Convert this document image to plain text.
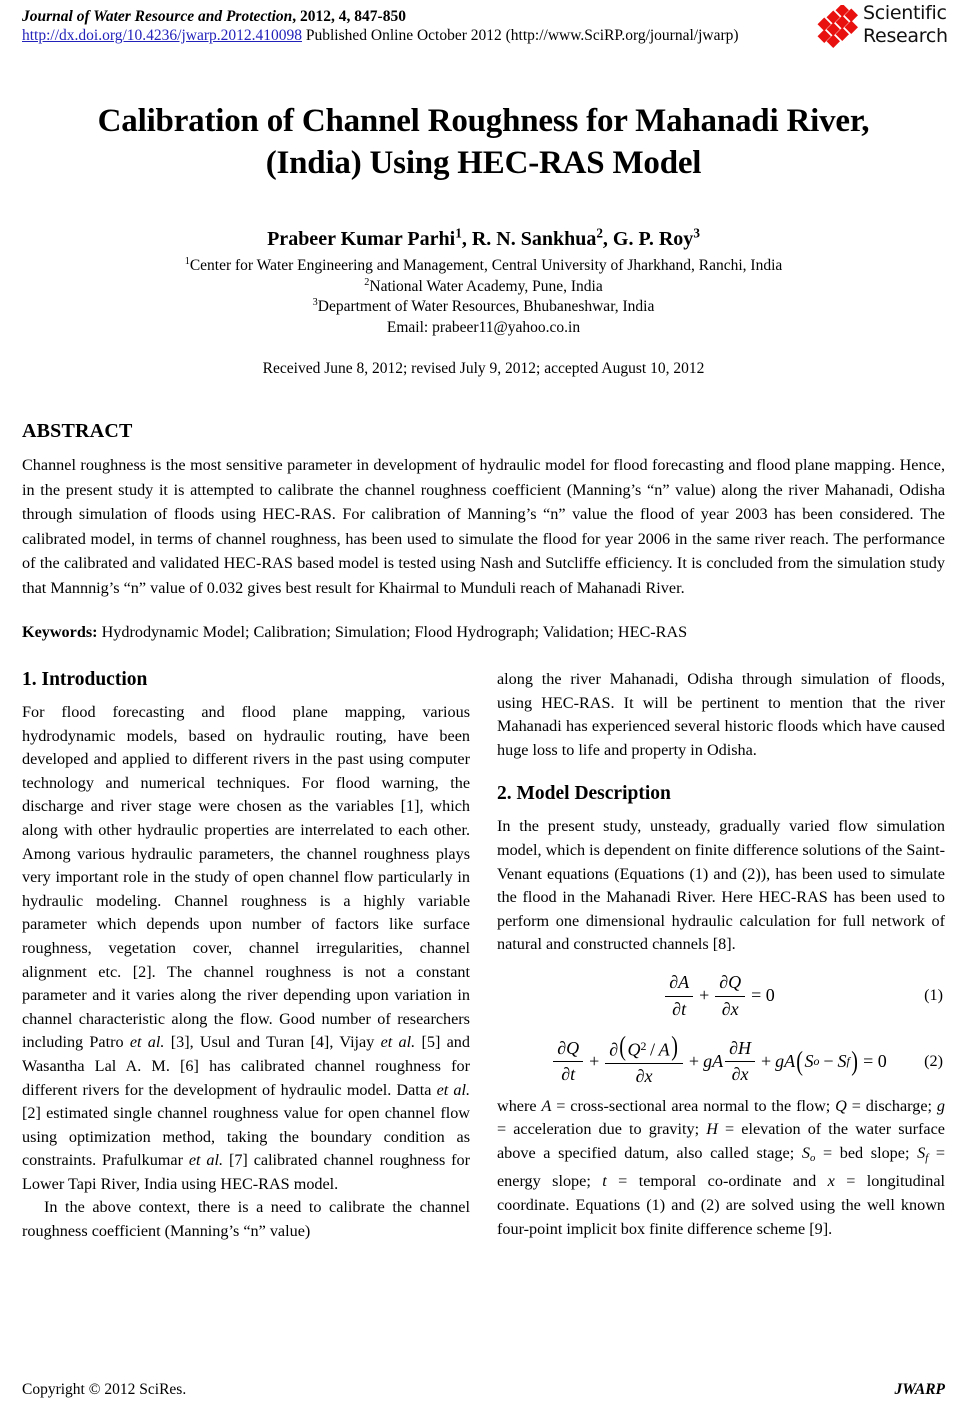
Journal of Water Resource and Protection, 2012, 4, 847-850
http://dx.doi.org/10.4236/jwarp.2012.410098 Published Online October 2012 (http://www.SciRP.org/journal/jwarp)
Scientific
Research
Calibration of Channel Roughness for Mahanadi River, (India) Using HEC-RAS Model
Prabeer Kumar Parhi$^1$, R. N. Sankhua$^2$, G. P. Roy$^3$
$^1$Center for Water Engineering and Management, Central University of Jharkhand, Ranchi, India
$^2$National Water Academy, Pune, India
$^3$Department of Water Resources, Bhubaneshwar, India
Email: prabeer11@yahoo.co.in
Received June 8, 2012; revised July 9, 2012; accepted August 10, 2012
ABSTRACT
Channel roughness is the most sensitive parameter in development of hydraulic model for flood forecasting and flood plane mapping. Hence, in the present study it is attempted to calibrate the channel roughness coefficient (Manning’s “n” value) along the river Mahanadi, Odisha through simulation of floods using HEC-RAS. For calibration of Manning’s “n” value the flood of year 2003 has been considered. The calibrated model, in terms of channel roughness, has been used to simulate the flood for year 2006 in the same river reach. The performance of the calibrated and validated HEC-RAS based model is tested using Nash and Sutcliffe efficiency. It is concluded from the simulation study that Mannnig’s “n” value of 0.032 gives best result for Khairmal to Munduli reach of Mahanadi River.
Keywords: Hydrodynamic Model; Calibration; Simulation; Flood Hydrograph; Validation; HEC-RAS
1. Introduction

For flood forecasting and flood plane mapping, various hydrodynamic models, based on hydraulic routing, have been developed and applied to different rivers in the past using computer technology and numerical techniques. For flood warning, the discharge and river stage were chosen as the variables [1], which along with other hydraulic properties are interrelated to each other. Among various hydraulic parameters, the channel roughness plays very important role in the study of open channel flow particularly in hydraulic modeling. Channel roughness is a highly variable parameter which depends upon number of factors like surface roughness, vegetation cover, channel irregularities, channel alignment etc. [2]. The channel roughness is not a constant parameter and it varies along the river depending upon variation in channel characteristic along the flow. Good number of researchers including Patro et al. [3], Usul and Turan [4], Vijay et al. [5] and Wasantha Lal A. M. [6] has calibrated channel roughness for different rivers for the development of hydraulic model. Datta et al. [2] estimated single channel roughness value for open channel flow using optimization method, taking the boundary condition as constraints. Prafulkumar et al. [7] calibrated channel roughness for Lower Tapi River, India using HEC-RAS model.

In the above context, there is a need to calibrate the channel roughness coefficient (Manning’s “n” value)

along the river Mahanadi, Odisha through simulation of floods, using HEC-RAS. It will be pertinent to mention that the river Mahanadi has experienced several historic floods which have caused huge loss to life and property in Odisha.

2. Model Description

In the present study, unsteady, gradually varied flow simulation model, which is dependent on finite difference solutions of the Saint-Venant equations (Equations (1) and (2)), has been used to simulate the flood in the Mahanadi River. Here HEC-RAS has been used to perform one dimensional hydraulic calculation for full network of natural and constructed channels [8].

$\frac{\partial A}{\partial t} + \frac{\partial Q}{\partial x} = 0$	(1)
$\frac{\partial Q}{\partial t} + \frac{\partial(Q^2 / A)}{\partial x}$ + gA $\frac{\partial H}{\partial x}$ + gA ( S o − S f ) = 0 (2)

where A = cross-sectional area normal to the flow; Q = discharge; g = acceleration due to gravity; H = elevation of the water surface above a specified datum, also called stage; $S_o$ = bed slope; $S_f$ = energy slope; t = temporal co-ordinate and x = longitudinal coordinate. Equations (1) and (2) are solved using the well known four-point implicit box finite difference scheme [9].

Copyright © 2012 SciRes.	JWARP
